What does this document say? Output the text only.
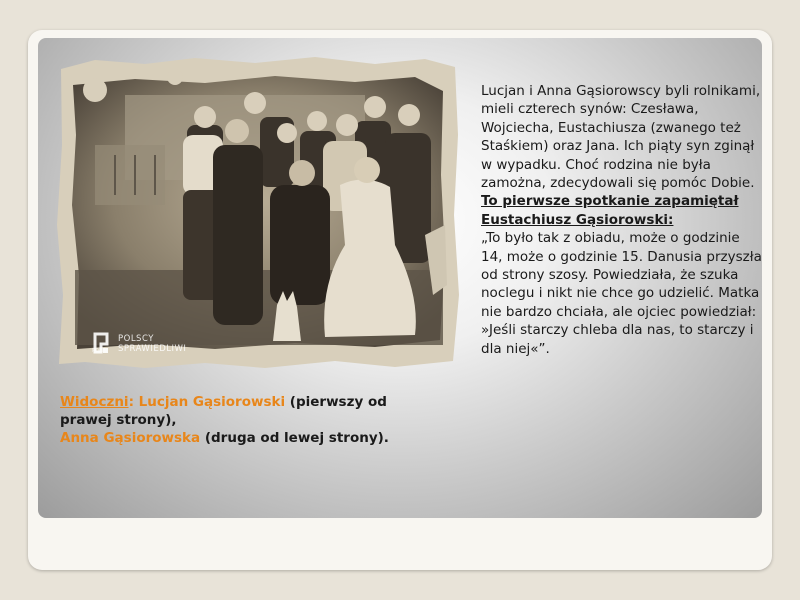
POLSCY
SPRAWIEDLIWI
POLIN
Widoczni: Lucjan Gąsiorowski (pierwszy od prawej strony),
Anna Gąsiorowska (druga od lewej strony).

Lucjan i Anna Gąsiorowscy byli rolnikami, mieli czterech synów: Czesława, Wojciecha, Eustachiusza (zwanego też Staśkiem) oraz Jana. Ich piąty syn zginął w wypadku. Choć rodzina nie była zamożna, zdecydowali się pomóc Dobie.

To pierwsze spotkanie zapamiętał Eustachiusz Gąsiorowski:

„To było tak z obiadu, może o godzinie 14, może o godzinie 15. Danusia przyszła od strony szosy. Powiedziała, że szuka noclegu i nikt nie chce go udzielić. Matka nie bardzo chciała, ale ojciec powiedział: »Jeśli starczy chleba dla nas, to starczy i dla niej«”.
